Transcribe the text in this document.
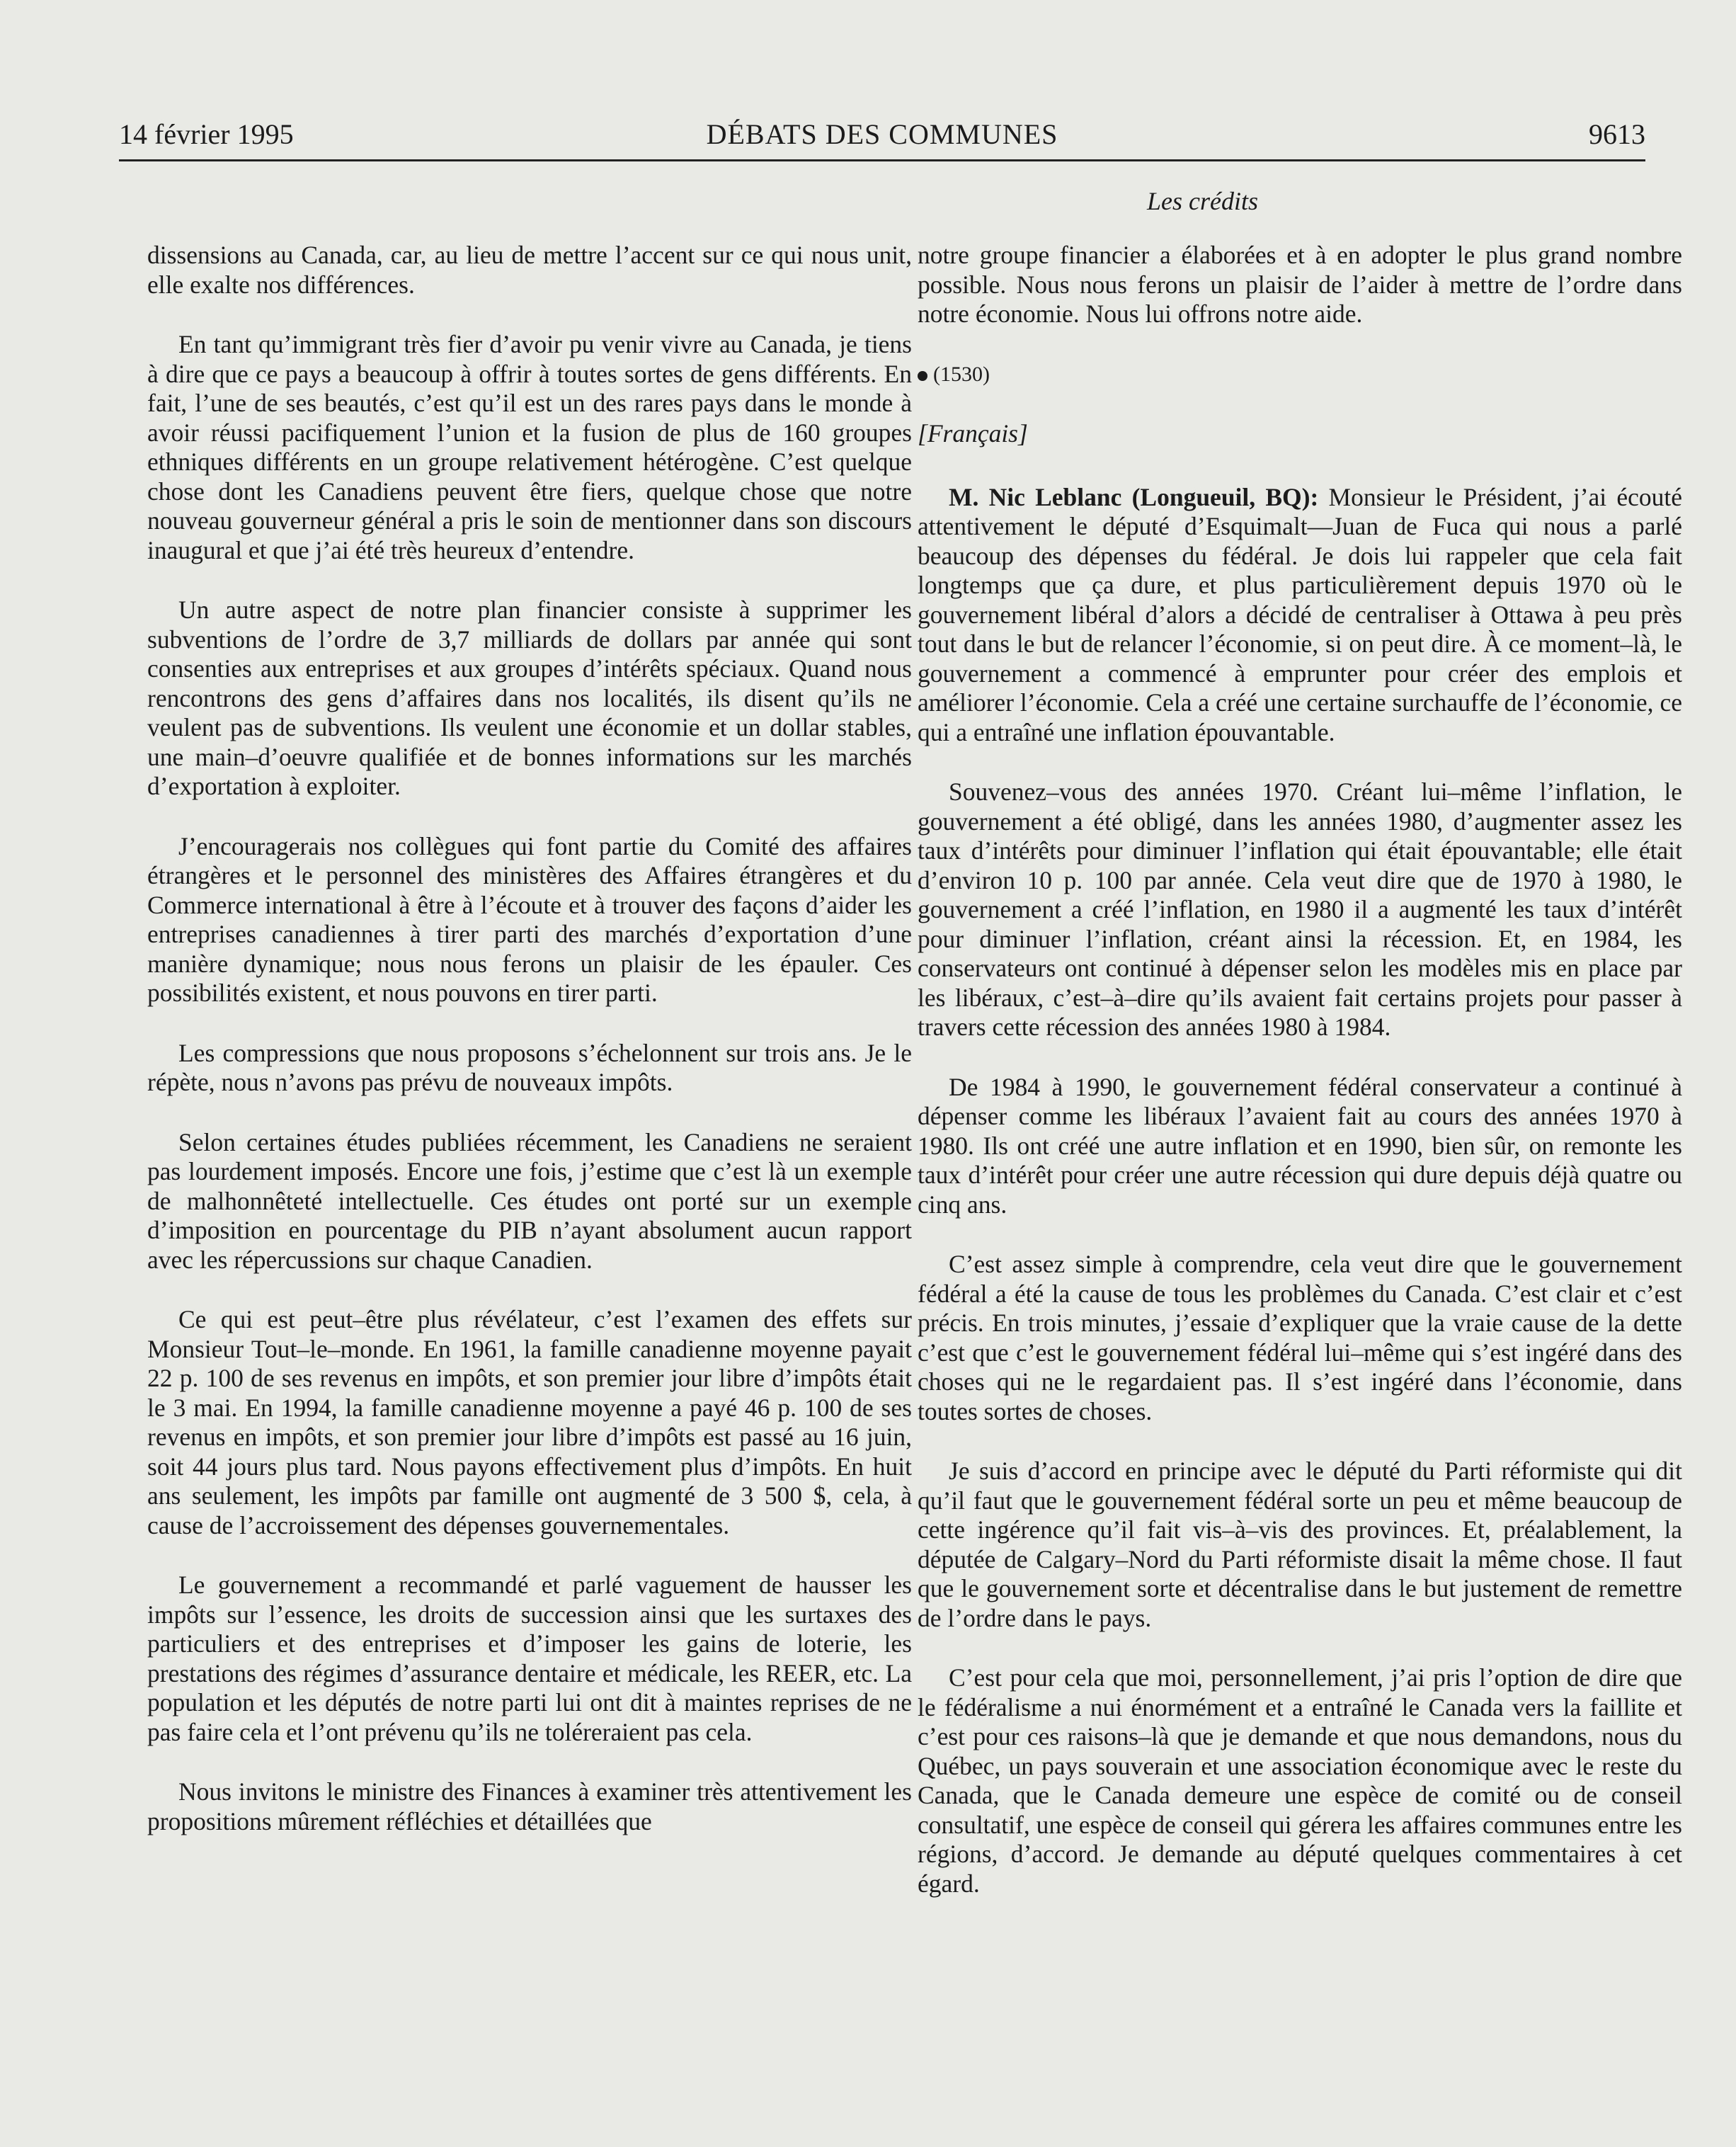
14 février 1995	DÉBATS DES COMMUNES	9613
Les crédits

dissensions au Canada, car, au lieu de mettre l’accent sur ce qui nous unit, elle exalte nos différences.

En tant qu’immigrant très fier d’avoir pu venir vivre au Canada, je tiens à dire que ce pays a beaucoup à offrir à toutes sortes de gens différents. En fait, l’une de ses beautés, c’est qu’il est un des rares pays dans le monde à avoir réussi pacifiquement l’union et la fusion de plus de 160 groupes ethniques différents en un groupe relativement hétérogène. C’est quelque chose dont les Canadiens peuvent être fiers, quelque chose que notre nouveau gouverneur général a pris le soin de mentionner dans son discours inaugural et que j’ai été très heureux d’entendre.

Un autre aspect de notre plan financier consiste à supprimer les subventions de l’ordre de 3,7 milliards de dollars par année qui sont consenties aux entreprises et aux groupes d’intérêts spéciaux. Quand nous rencontrons des gens d’affaires dans nos localités, ils disent qu’ils ne veulent pas de subventions. Ils veulent une économie et un dollar stables, une main–d’oeuvre qualifiée et de bonnes informations sur les marchés d’exportation à exploiter.

J’encouragerais nos collègues qui font partie du Comité des affaires étrangères et le personnel des ministères des Affaires étrangères et du Commerce international à être à l’écoute et à trouver des façons d’aider les entreprises canadiennes à tirer parti des marchés d’exportation d’une manière dynamique; nous nous ferons un plaisir de les épauler. Ces possibilités existent, et nous pouvons en tirer parti.

Les compressions que nous proposons s’échelonnent sur trois ans. Je le répète, nous n’avons pas prévu de nouveaux impôts.

Selon certaines études publiées récemment, les Canadiens ne seraient pas lourdement imposés. Encore une fois, j’estime que c’est là un exemple de malhonnêteté intellectuelle. Ces études ont porté sur un exemple d’imposition en pourcentage du PIB n’ayant absolument aucun rapport avec les répercussions sur chaque Canadien.

Ce qui est peut–être plus révélateur, c’est l’examen des effets sur Monsieur Tout–le–monde. En 1961, la famille canadienne moyenne payait 22 p. 100 de ses revenus en impôts, et son premier jour libre d’impôts était le 3 mai. En 1994, la famille canadienne moyenne a payé 46 p. 100 de ses revenus en impôts, et son premier jour libre d’impôts est passé au 16 juin, soit 44 jours plus tard. Nous payons effectivement plus d’impôts. En huit ans seulement, les impôts par famille ont augmenté de 3 500 $, cela, à cause de l’accroissement des dépenses gouvernementales.

Le gouvernement a recommandé et parlé vaguement de hausser les impôts sur l’essence, les droits de succession ainsi que les surtaxes des particuliers et des entreprises et d’imposer les gains de loterie, les prestations des régimes d’assurance dentaire et médicale, les REER, etc. La population et les députés de notre parti lui ont dit à maintes reprises de ne pas faire cela et l’ont prévenu qu’ils ne toléreraient pas cela.

Nous invitons le ministre des Finances à examiner très attentivement les propositions mûrement réfléchies et détaillées que

notre groupe financier a élaborées et à en adopter le plus grand nombre possible. Nous nous ferons un plaisir de l’aider à mettre de l’ordre dans notre économie. Nous lui offrons notre aide.

(1530)

[Français]

M. Nic Leblanc (Longueuil, BQ): Monsieur le Président, j’ai écouté attentivement le député d’Esquimalt—Juan de Fuca qui nous a parlé beaucoup des dépenses du fédéral. Je dois lui rappeler que cela fait longtemps que ça dure, et plus particulièrement depuis 1970 où le gouvernement libéral d’alors a décidé de centraliser à Ottawa à peu près tout dans le but de relancer l’économie, si on peut dire. À ce moment–là, le gouvernement a commencé à emprunter pour créer des emplois et améliorer l’économie. Cela a créé une certaine surchauffe de l’économie, ce qui a entraîné une inflation épouvantable.

Souvenez–vous des années 1970. Créant lui–même l’inflation, le gouvernement a été obligé, dans les années 1980, d’augmenter assez les taux d’intérêts pour diminuer l’inflation qui était épouvantable; elle était d’environ 10 p. 100 par année. Cela veut dire que de 1970 à 1980, le gouvernement a créé l’inflation, en 1980 il a augmenté les taux d’intérêt pour diminuer l’inflation, créant ainsi la récession. Et, en 1984, les conservateurs ont continué à dépenser selon les modèles mis en place par les libéraux, c’est–à–dire qu’ils avaient fait certains projets pour passer à travers cette récession des années 1980 à 1984.

De 1984 à 1990, le gouvernement fédéral conservateur a continué à dépenser comme les libéraux l’avaient fait au cours des années 1970 à 1980. Ils ont créé une autre inflation et en 1990, bien sûr, on remonte les taux d’intérêt pour créer une autre récession qui dure depuis déjà quatre ou cinq ans.

C’est assez simple à comprendre, cela veut dire que le gouvernement fédéral a été la cause de tous les problèmes du Canada. C’est clair et c’est précis. En trois minutes, j’essaie d’expliquer que la vraie cause de la dette c’est que c’est le gouvernement fédéral lui–même qui s’est ingéré dans des choses qui ne le regardaient pas. Il s’est ingéré dans l’économie, dans toutes sortes de choses.

Je suis d’accord en principe avec le député du Parti réformiste qui dit qu’il faut que le gouvernement fédéral sorte un peu et même beaucoup de cette ingérence qu’il fait vis–à–vis des provinces. Et, préalablement, la députée de Calgary–Nord du Parti réformiste disait la même chose. Il faut que le gouvernement sorte et décentralise dans le but justement de remettre de l’ordre dans le pays.

C’est pour cela que moi, personnellement, j’ai pris l’option de dire que le fédéralisme a nui énormément et a entraîné le Canada vers la faillite et c’est pour ces raisons–là que je demande et que nous demandons, nous du Québec, un pays souverain et une association économique avec le reste du Canada, que le Canada demeure une espèce de comité ou de conseil consultatif, une espèce de conseil qui gérera les affaires communes entre les régions, d’accord. Je demande au député quelques commentaires à cet égard.
